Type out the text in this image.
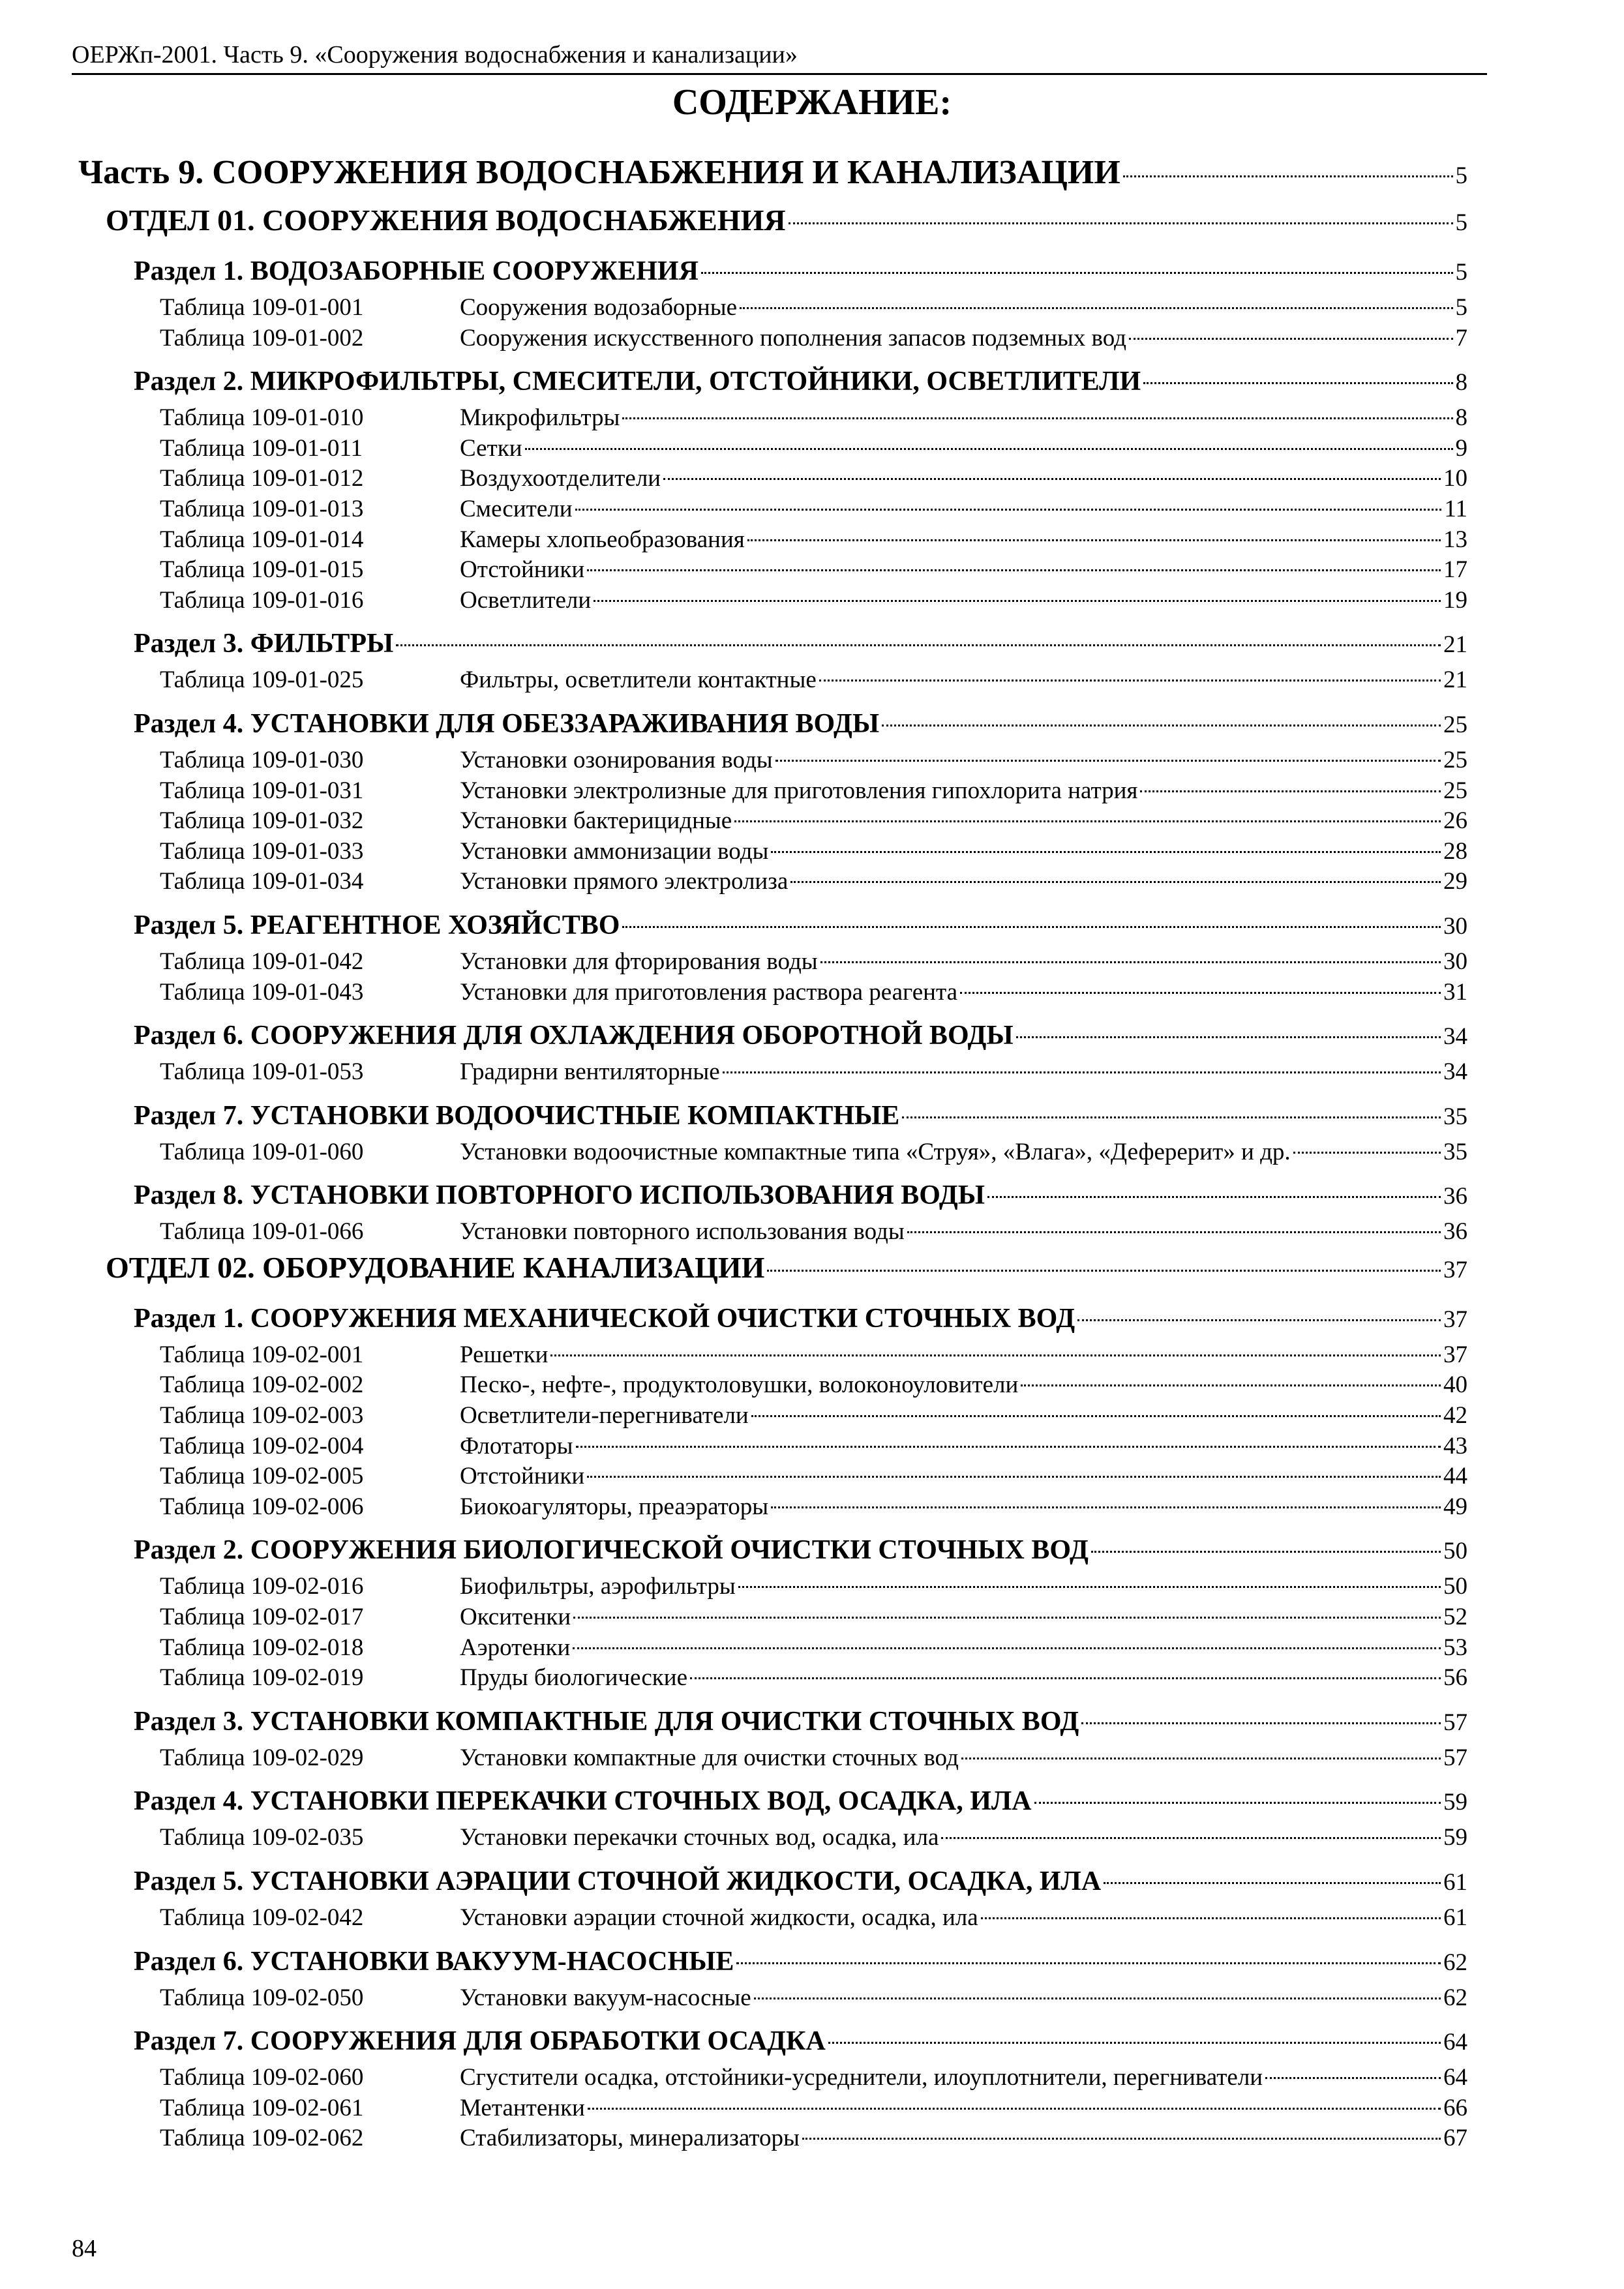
ОЕРЖп-2001. Часть 9. «Сооружения водоснабжения и канализации»
СОДЕРЖАНИЕ:
Часть 9. СООРУЖЕНИЯ ВОДОСНАБЖЕНИЯ И КАНАЛИЗАЦИИ	5
ОТДЕЛ 01. СООРУЖЕНИЯ ВОДОСНАБЖЕНИЯ	5
Раздел 1. ВОДОЗАБОРНЫЕ СООРУЖЕНИЯ	5
Таблица 109-01-001	Сооружения водозаборные	5
Таблица 109-01-002	Сооружения искусственного пополнения запасов подземных вод	7
Раздел 2. МИКРОФИЛЬТРЫ, СМЕСИТЕЛИ, ОТСТОЙНИКИ, ОСВЕТЛИТЕЛИ	8
Таблица 109-01-010	Микрофильтры	8
Таблица 109-01-011	Сетки	9
Таблица 109-01-012	Воздухоотделители	10
Таблица 109-01-013	Смесители	11
Таблица 109-01-014	Камеры хлопьеобразования	13
Таблица 109-01-015	Отстойники	17
Таблица 109-01-016	Осветлители	19
Раздел 3. ФИЛЬТРЫ	21
Таблица 109-01-025	Фильтры, осветлители контактные	21
Раздел 4. УСТАНОВКИ ДЛЯ ОБЕЗЗАРАЖИВАНИЯ ВОДЫ	25
Таблица 109-01-030	Установки озонирования воды	25
Таблица 109-01-031	Установки электролизные для приготовления гипохлорита натрия	25
Таблица 109-01-032	Установки бактерицидные	26
Таблица 109-01-033	Установки аммонизации воды	28
Таблица 109-01-034	Установки прямого электролиза	29
Раздел 5. РЕАГЕНТНОЕ ХОЗЯЙСТВО	30
Таблица 109-01-042	Установки для фторирования воды	30
Таблица 109-01-043	Установки для приготовления раствора реагента	31
Раздел 6. СООРУЖЕНИЯ ДЛЯ ОХЛАЖДЕНИЯ ОБОРОТНОЙ ВОДЫ	34
Таблица 109-01-053	Градирни вентиляторные	34
Раздел 7. УСТАНОВКИ ВОДООЧИСТНЫЕ КОМПАКТНЫЕ	35
Таблица 109-01-060	Установки водоочистные компактные типа «Струя», «Влага», «Деферерит» и др.	35
Раздел 8. УСТАНОВКИ ПОВТОРНОГО ИСПОЛЬЗОВАНИЯ ВОДЫ	36
Таблица 109-01-066	Установки повторного использования воды	36
ОТДЕЛ 02. ОБОРУДОВАНИЕ КАНАЛИЗАЦИИ	37
Раздел 1. СООРУЖЕНИЯ МЕХАНИЧЕСКОЙ ОЧИСТКИ СТОЧНЫХ ВОД	37
Таблица 109-02-001	Решетки	37
Таблица 109-02-002	Песко-, нефте-, продуктоловушки, волоконоуловители	40
Таблица 109-02-003	Осветлители-перегниватели	42
Таблица 109-02-004	Флотаторы	43
Таблица 109-02-005	Отстойники	44
Таблица 109-02-006	Биокоагуляторы, преаэраторы	49
Раздел 2. СООРУЖЕНИЯ БИОЛОГИЧЕСКОЙ ОЧИСТКИ СТОЧНЫХ ВОД	50
Таблица 109-02-016	Биофильтры, аэрофильтры	50
Таблица 109-02-017	Окситенки	52
Таблица 109-02-018	Аэротенки	53
Таблица 109-02-019	Пруды биологические	56
Раздел 3. УСТАНОВКИ КОМПАКТНЫЕ ДЛЯ ОЧИСТКИ СТОЧНЫХ ВОД	57
Таблица 109-02-029	Установки компактные для очистки сточных вод	57
Раздел 4. УСТАНОВКИ ПЕРЕКАЧКИ СТОЧНЫХ ВОД, ОСАДКА, ИЛА	59
Таблица 109-02-035	Установки перекачки сточных вод, осадка, ила	59
Раздел 5. УСТАНОВКИ АЭРАЦИИ СТОЧНОЙ ЖИДКОСТИ, ОСАДКА, ИЛА	61
Таблица 109-02-042	Установки аэрации сточной жидкости, осадка, ила	61
Раздел 6. УСТАНОВКИ ВАКУУМ-НАСОСНЫЕ	62
Таблица 109-02-050	Установки вакуум-насосные	62
Раздел 7. СООРУЖЕНИЯ ДЛЯ ОБРАБОТКИ ОСАДКА	64
Таблица 109-02-060	Сгустители осадка, отстойники-усреднители, илоуплотнители, перегниватели	64
Таблица 109-02-061	Метантенки	66
Таблица 109-02-062	Стабилизаторы, минерализаторы	67
84
